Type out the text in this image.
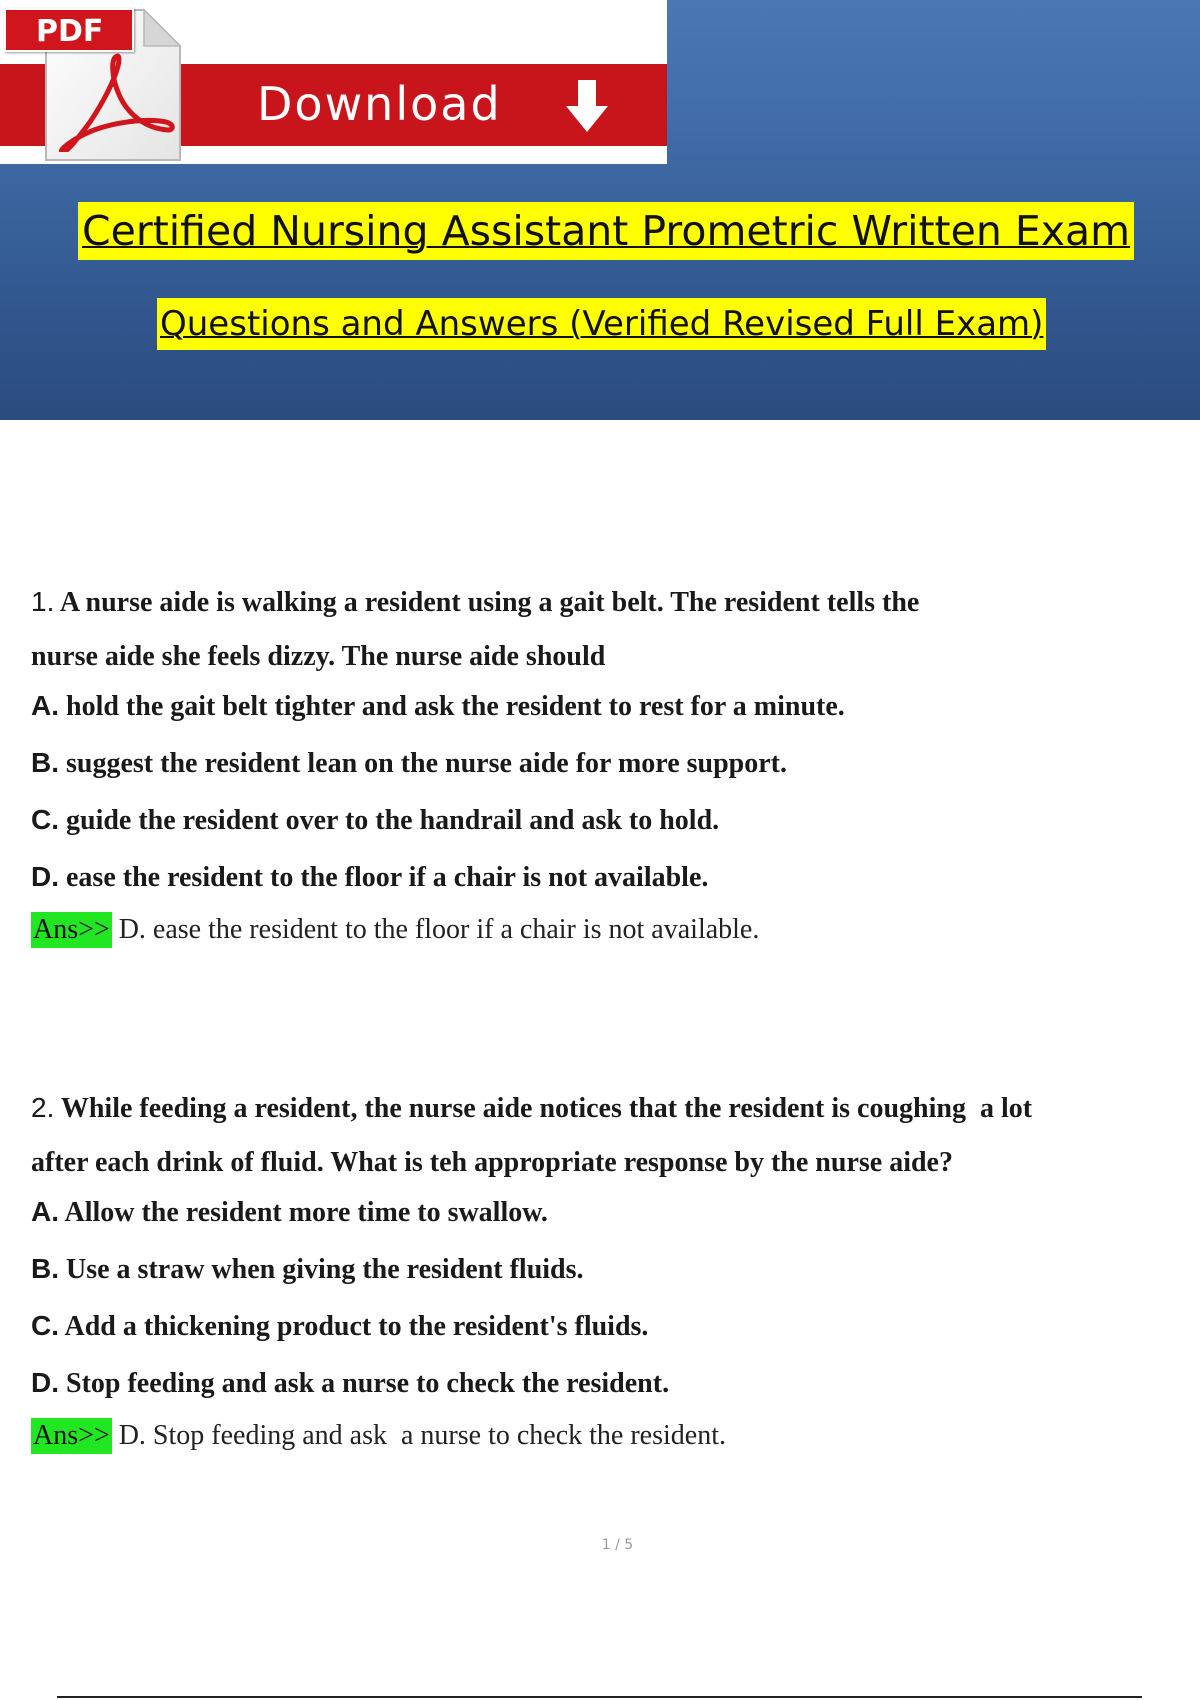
PDF
Download
Certified Nursing Assistant Prometric Written Exam
Questions and Answers (Verified Revised Full Exam)

1. A nurse aide is walking a resident using a gait belt. The resident tells the
nurse aide she feels dizzy. The nurse aide should

A. hold the gait belt tighter and ask the resident to rest for a minute.

B. suggest the resident lean on the nurse aide for more support.

C. guide the resident over to the handrail and ask to hold.

D. ease the resident to the floor if a chair is not available.

Ans>> D. ease the resident to the floor if a chair is not available.

2. While feeding a resident, the nurse aide notices that the resident is coughing  a lot
after each drink of fluid. What is teh appropriate response by the nurse aide?

A. Allow the resident more time to swallow.

B. Use a straw when giving the resident fluids.

C. Add a thickening product to the resident's fluids.

D. Stop feeding and ask a nurse to check the resident.

Ans>> D. Stop feeding and ask  a nurse to check the resident.

1 / 5
